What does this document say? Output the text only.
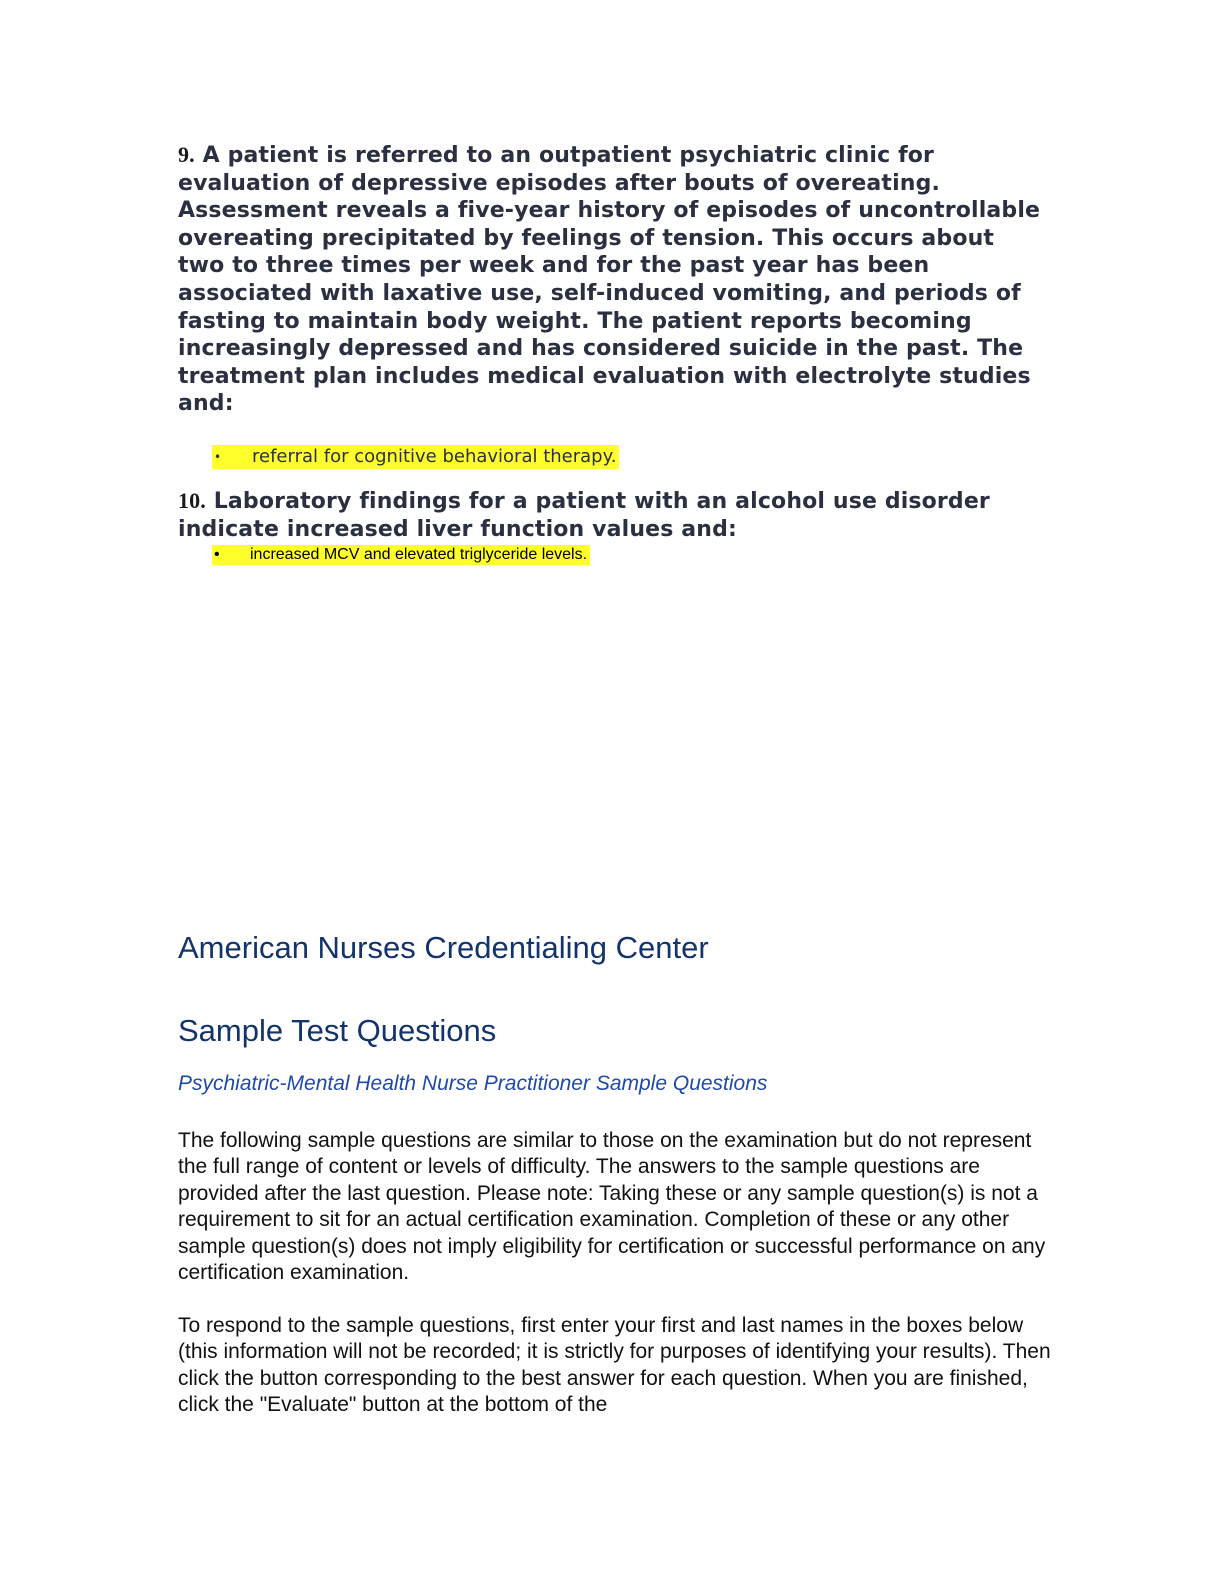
9. A patient is referred to an outpatient psychiatric clinic for evaluation of depressive episodes after bouts of overeating. Assessment reveals a five-year history of episodes of uncontrollable overeating precipitated by feelings of tension. This occurs about two to three times per week and for the past year has been associated with laxative use, self-induced vomiting, and periods of fasting to maintain body weight. The patient reports becoming increasingly depressed and has considered suicide in the past. The treatment plan includes medical evaluation with electrolyte studies and:
•	referral for cognitive behavioral therapy.
10. Laboratory findings for a patient with an alcohol use disorder indicate increased liver function values and:
•	increased MCV and elevated triglyceride levels.
American Nurses Credentialing Center
Sample Test Questions

Psychiatric-Mental Health Nurse Practitioner Sample Questions

The following sample questions are similar to those on the examination but do not represent the full range of content or levels of difficulty. The answers to the sample questions are provided after the last question. Please note: Taking these or any sample question(s) is not a requirement to sit for an actual certification examination. Completion of these or any other sample question(s) does not imply eligibility for certification or successful performance on any certification examination.

To respond to the sample questions, first enter your first and last names in the boxes below (this information will not be recorded; it is strictly for purposes of identifying your results). Then click the button corresponding to the best answer for each question. When you are finished, click the "Evaluate" button at the bottom of the
